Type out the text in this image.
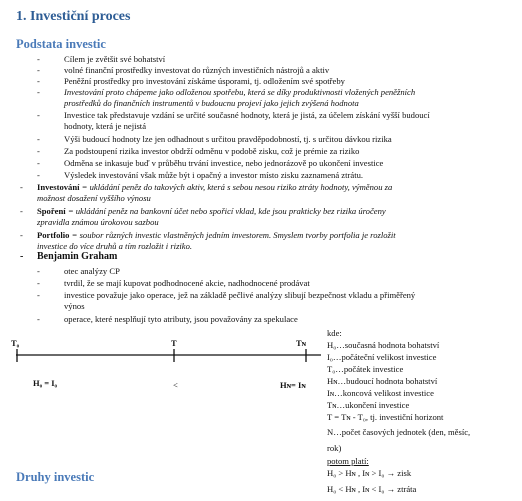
1. Investiční proces
Podstata investic
-	Cílem je zvětšit své bohatství
-	volné finanční prostředky investovat do různých investičních nástrojů a aktiv
-	Peněžní prostředky pro investování získáme úsporami, tj. odložením své spotřeby
-	Investování proto chápeme jako odloženou spotřebu, která se díky produktivnosti vložených peněžních
prostředků do finančních instrumentů v budoucnu projeví jako jejich zvýšená hodnota
-	Investice tak představuje vzdání se určité současné hodnoty, která je jistá, za účelem získání vyšší budoucí
hodnoty, která je nejistá
-	Výši budoucí hodnoty lze jen odhadnout s určitou pravděpodobností, tj. s určitou dávkou rizika
-	Za podstoupení rizika investor obdrží odměnu v podobě zisku, což je prémie za riziko
-	Odměna se inkasuje buď v průběhu trvání investice, nebo jednorázově po ukončení investice
-	Výsledek investování však může být i opačný a investor místo zisku zaznamená ztrátu.
- Investování = ukládání peněz do takových aktiv, která s sebou nesou riziko ztráty hodnoty, výměnou za
možnost dosažení vyššího výnosu
- Spoření = ukládání peněz na bankovní účet nebo spořicí vklad, kde jsou prakticky bez rizika úročeny
zpravidla známou úrokovou sazbou
- Portfolio = soubor různých investic vlastněných jedním investorem. Smyslem tvorby portfolia je rozložit
investice do více druhů a tím rozložit i riziko.
- Benjamin Graham
-	otec analýzy CP
-	tvrdil, že se mají kupovat podhodnocené akcie, nadhodnocené prodávat
-	investice považuje jako operace, jež na základě pečlivé analýzy slibují bezpečnost vkladu a přiměřený
výnos
-	operace, které nesplňují tyto atributy, jsou považovány za spekulace
T₀	T	Tɴ
H₀ = I₀	<	Hɴ= Iɴ
kde:
H₀…současná hodnota bohatství
I₀…počáteční velikost investice
T₀…počátek investice
Hɴ…budoucí hodnota bohatství
Iɴ…koncová velikost investice
Tɴ…ukončení investice
T = Tɴ - T₀, tj. investiční horizont
N…počet časových jednotek (den, měsíc,
rok)
potom platí:
H₀ > Hɴ , Iɴ > I₀ → zisk
H₀ < Hɴ , Iɴ < I₀ → ztráta
Druhy investic
